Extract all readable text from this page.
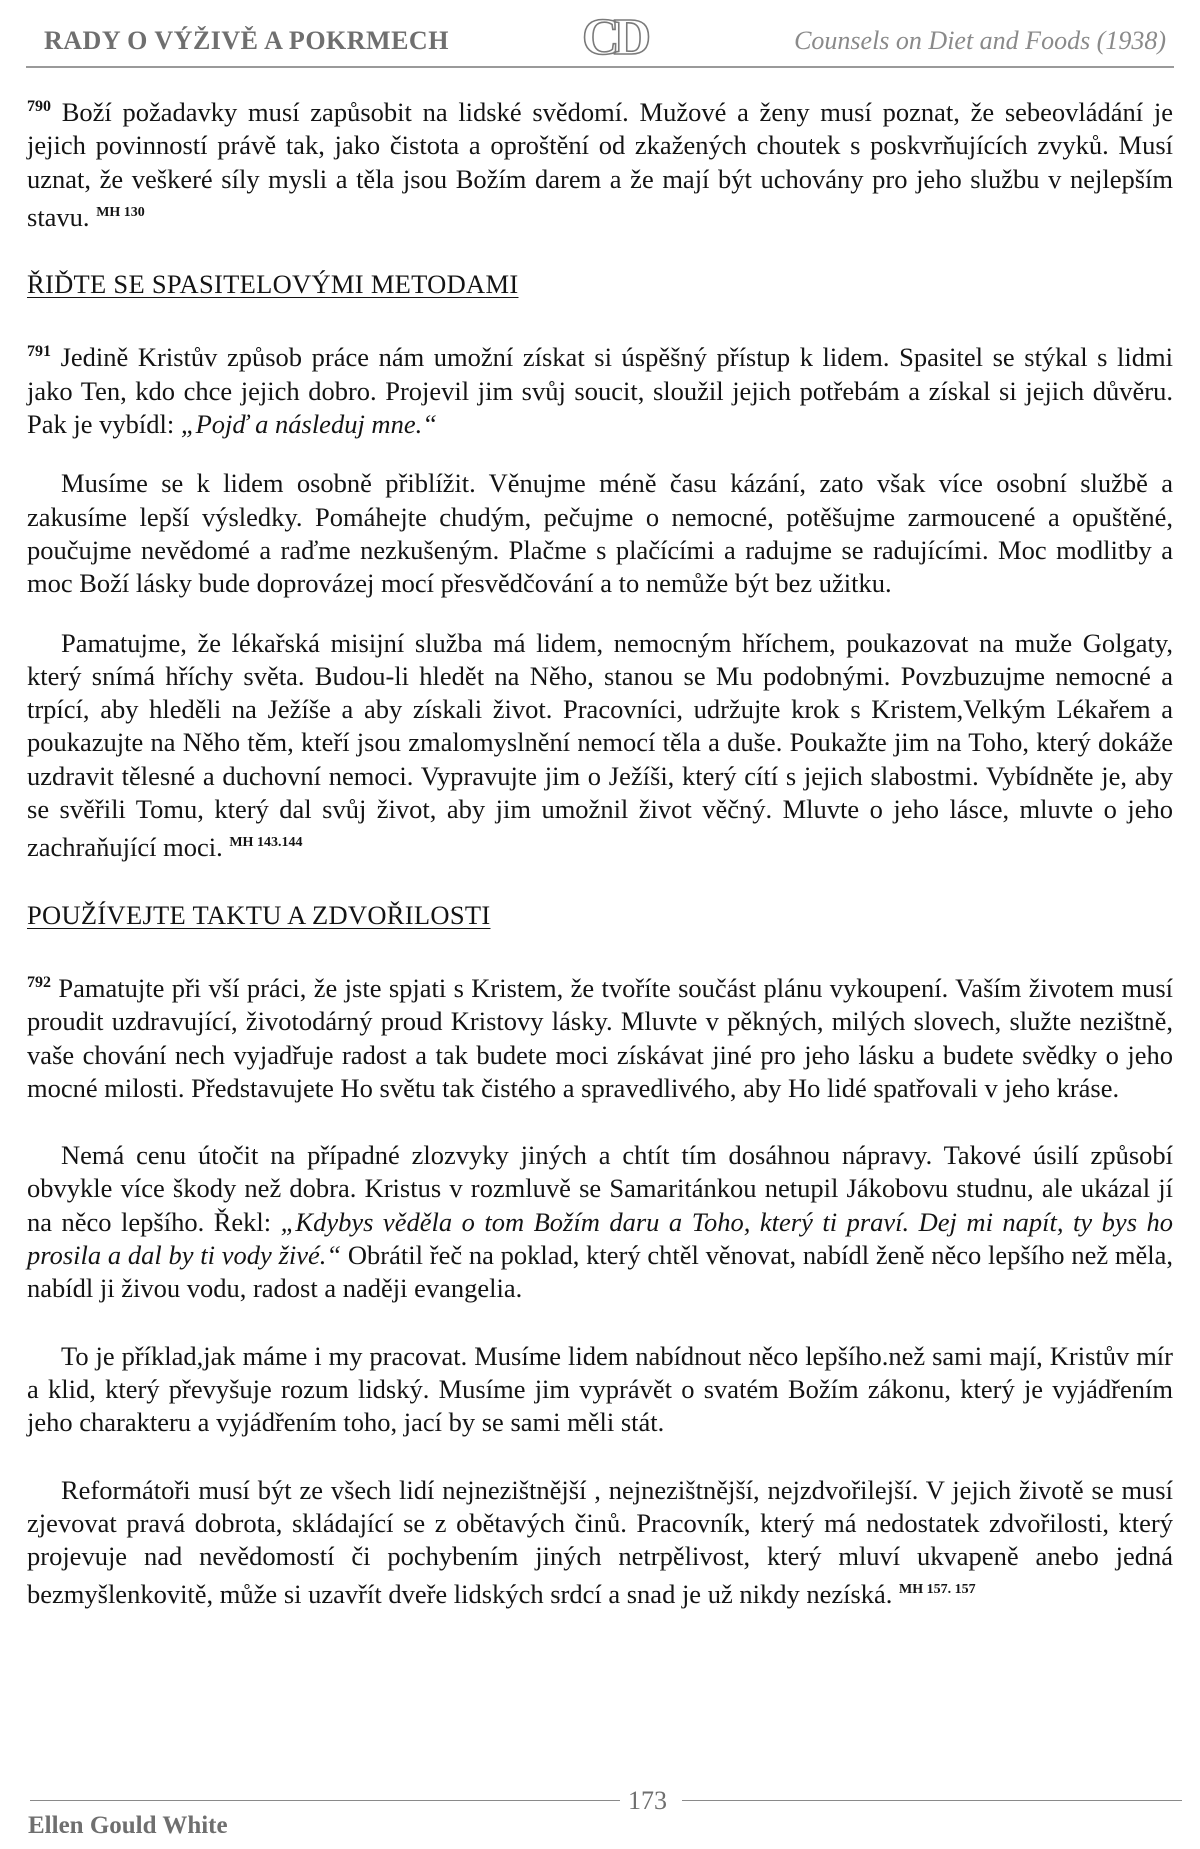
RADY O VÝŽIVĚ A POKRMECH	CD	Counsels on Diet and Foods (1938)

$^{790}$ Boží požadavky musí zapůsobit na lidské svědomí. Mužové a ženy musí poznat, že sebeovládání je jejich povinností právě tak, jako čistota a oproštění od zkažených choutek s poskvrňujících zvyků. Musí uznat, že veškeré síly mysli a těla jsou Božím darem a že mají být uchovány pro jeho službu v nejlepším stavu. $^{MH 130}$

ŘIĎTE SE SPASITELOVÝMI METODAMI

$^{791}$ Jedině Kristův způsob práce nám umožní získat si úspěšný přístup k lidem. Spasitel se stýkal s lidmi jako Ten, kdo chce jejich dobro. Projevil jim svůj soucit, sloužil jejich potřebám a získal si jejich důvěru. Pak je vybídl: „Pojď a následuj mne.“

Musíme se k lidem osobně přiblížit. Věnujme méně času kázání, zato však více osobní službě a zakusíme lepší výsledky. Pomáhejte chudým, pečujme o nemocné, potěšujme zarmoucené a opuštěné, poučujme nevědomé a raďme nezkušeným. Plačme s plačícími a radujme se radujícími. Moc modlitby a moc Boží lásky bude doprovázej mocí přesvědčování a to nemůže být bez užitku.

Pamatujme, že lékařská misijní služba má lidem, nemocným hříchem, poukazovat na muže Golgaty, který snímá hříchy světa. Budou-li hledět na Něho, stanou se Mu podobnými. Povzbuzujme nemocné a trpící, aby hleděli na Ježíše a aby získali život. Pracovníci, udržujte krok s Kristem,Velkým Lékařem a poukazujte na Něho těm, kteří jsou zmalomyslnění nemocí těla a duše. Poukažte jim na Toho, který dokáže uzdravit tělesné a duchovní nemoci. Vypravujte jim o Ježíši, který cítí s jejich slabostmi. Vybídněte je, aby se svěřili Tomu, který dal svůj život, aby jim umožnil život věčný. Mluvte o jeho lásce, mluvte o jeho zachraňující moci. $^{MH 143.144}$

POUŽÍVEJTE TAKTU A ZDVOŘILOSTI

$^{792}$ Pamatujte při vší práci, že jste spjati s Kristem, že tvoříte součást plánu vykoupení. Vaším životem musí proudit uzdravující, životodárný proud Kristovy lásky. Mluvte v pěkných, milých slovech, služte nezištně, vaše chování nech vyjadřuje radost a tak budete moci získávat jiné pro jeho lásku a budete svědky o jeho mocné milosti. Představujete Ho světu tak čistého a spravedlivého, aby Ho lidé spatřovali v jeho kráse.

Nemá cenu útočit na případné zlozvyky jiných a chtít tím dosáhnou nápravy. Takové úsilí způsobí obvykle více škody než dobra. Kristus v rozmluvě se Samaritánkou netupil Jákobovu studnu, ale ukázal jí na něco lepšího. Řekl: „Kdybys věděla o tom Božím daru a Toho, který ti praví. Dej mi napít, ty bys ho prosila a dal by ti vody živé.“ Obrátil řeč na poklad, který chtěl věnovat, nabídl ženě něco lepšího než měla, nabídl ji živou vodu, radost a naději evangelia.

To je příklad,jak máme i my pracovat. Musíme lidem nabídnout něco lepšího.než sami mají, Kristův mír a klid, který převyšuje rozum lidský. Musíme jim vyprávět o svatém Božím zákonu, který je vyjádřením jeho charakteru a vyjádřením toho, jací by se sami měli stát.

Reformátoři musí být ze všech lidí nejnezištnější , nejnezištnější, nejzdvořilejší. V jejich životě se musí zjevovat pravá dobrota, skládající se z obětavých činů. Pracovník, který má nedostatek zdvořilosti, který projevuje nad nevědomostí či pochybením jiných netrpělivost, který mluví ukvapeně anebo jedná bezmyšlenkovitě, může si uzavřít dveře lidských srdcí a snad je už nikdy nezíská. $^{MH 157. 157}$

173
Ellen Gould White
